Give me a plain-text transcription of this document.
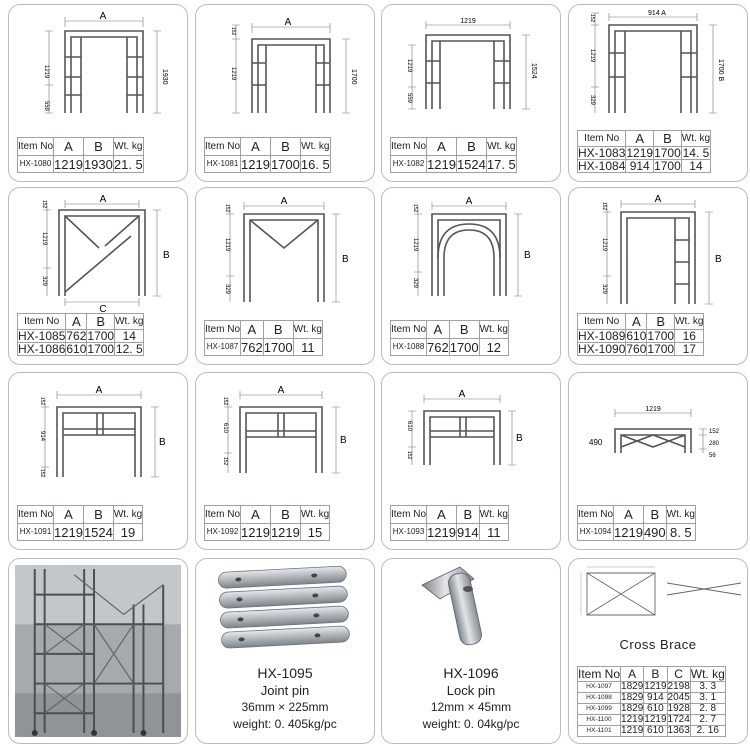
A
1219
559
1930
Item No	A	B	Wt. kg
HX-1080	1219	1930	21. 5
A
1219	1700
152
Item No	A	B	Wt. kg
HX-1081	1219	1700	16. 5
1219
1219
559
1524
Item No	A	B	Wt. kg
HX-1082	1219	1524	17. 5
914 A
1219
329
1700 B
152
Item No	A	B	Wt. kg
HX-1083	1219	1700	14. 5
HX-1084	914	1700	14
A
C
B
1219
329
152
Item No	A	B	Wt. kg
HX-1085	762	1700	14
HX-1086	610	1700	12. 5
A
B
1219
329
152
Item No	A	B	Wt. kg
HX-1087	762	1700	11
A
B
1219
329
152
Item No	A	B	Wt. kg
HX-1088	762	1700	12
A
B
1219
329
152
Item No	A	B	Wt. kg
HX-1089	610	1700	16
HX-1090	760	1700	17
A
B
914
152
152
Item No	A	B	Wt. kg
HX-1091	1219	1524	19
A
B
610
152
152
Item No	A	B	Wt. kg
HX-1092	1219	1219	15
A
B
610
152
Item No	A	B	Wt. kg
HX-1093	1219	914	11
1219
490
152
280
56
Item No	A	B	Wt. kg
HX-1094	1219	490	8. 5
HX-1095
Joint pin
36mm × 225mm
weight: 0. 405kg/pc
HX-1096
Lock pin
12mm × 45mm
weight: 0. 04kg/pc
Cross Brace
Item No	A	B	C	Wt. kg
HX-1097	1829	1219	2198	3. 3
HX-1098	1829	914	2045	3. 1
HX-1099	1829	610	1928	2. 8
HX-1100	1219	1219	1724	2. 7
HX-1101	1219	610	1363	2. 16
